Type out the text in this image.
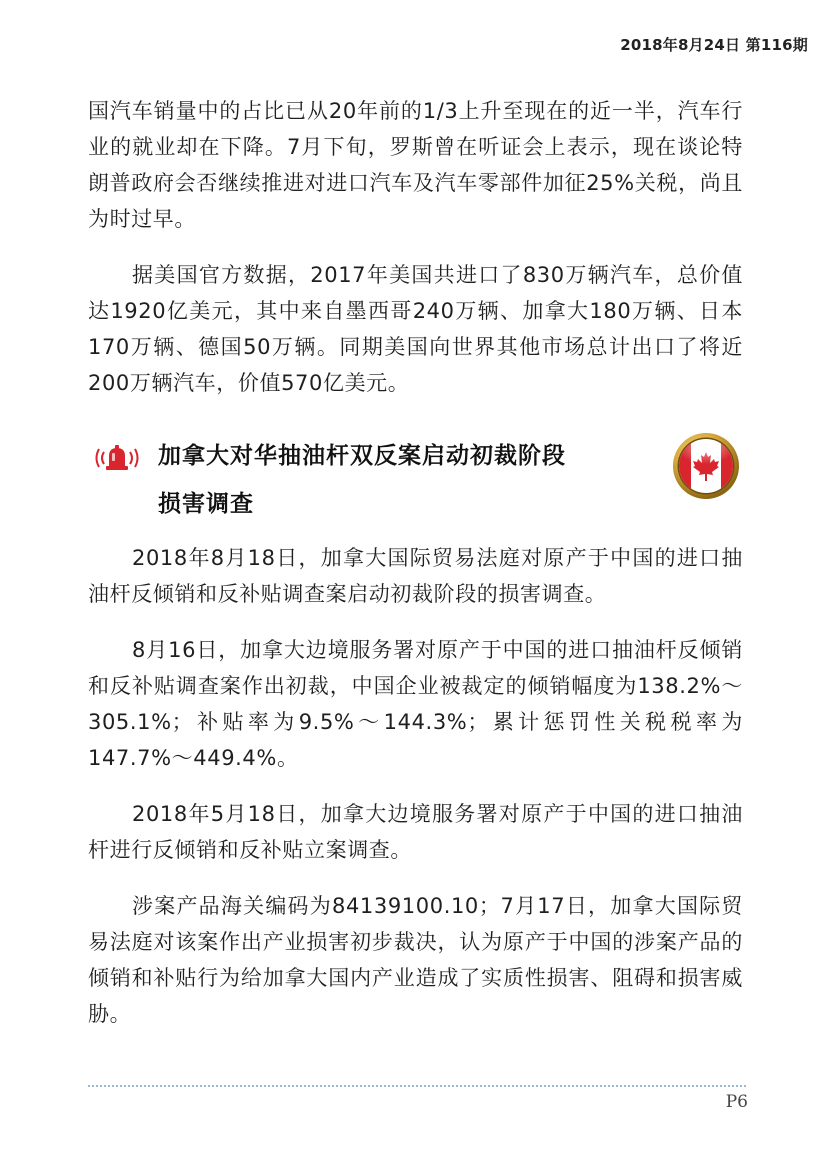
2018年8月24日 第116期

国汽车销量中的占比已从20年前的1/3上升至现在的近一半，汽车行业的就业却在下降。7月下旬，罗斯曾在听证会上表示，现在谈论特朗普政府会否继续推进对进口汽车及汽车零部件加征25%关税，尚且为时过早。

据美国官方数据，2017年美国共进口了830万辆汽车，总价值达1920亿美元，其中来自墨西哥240万辆、加拿大180万辆、日本170万辆、德国50万辆。同期美国向世界其他市场总计出口了将近200万辆汽车，价值570亿美元。

加拿大对华抽油杆双反案启动初裁阶段
损害调查

2018年8月18日，加拿大国际贸易法庭对原产于中国的进口抽油杆反倾销和反补贴调查案启动初裁阶段的损害调查。

8月16日，加拿大边境服务署对原产于中国的进口抽油杆反倾销和反补贴调查案作出初裁，中国企业被裁定的倾销幅度为138.2%～305.1%；补贴率为9.5%～144.3%；累计惩罚性关税税率为147.7%～449.4%。

2018年5月18日，加拿大边境服务署对原产于中国的进口抽油杆进行反倾销和反补贴立案调查。

涉案产品海关编码为84139100.10；7月17日，加拿大国际贸易法庭对该案作出产业损害初步裁决，认为原产于中国的涉案产品的倾销和补贴行为给加拿大国内产业造成了实质性损害、阻碍和损害威胁。

P6
